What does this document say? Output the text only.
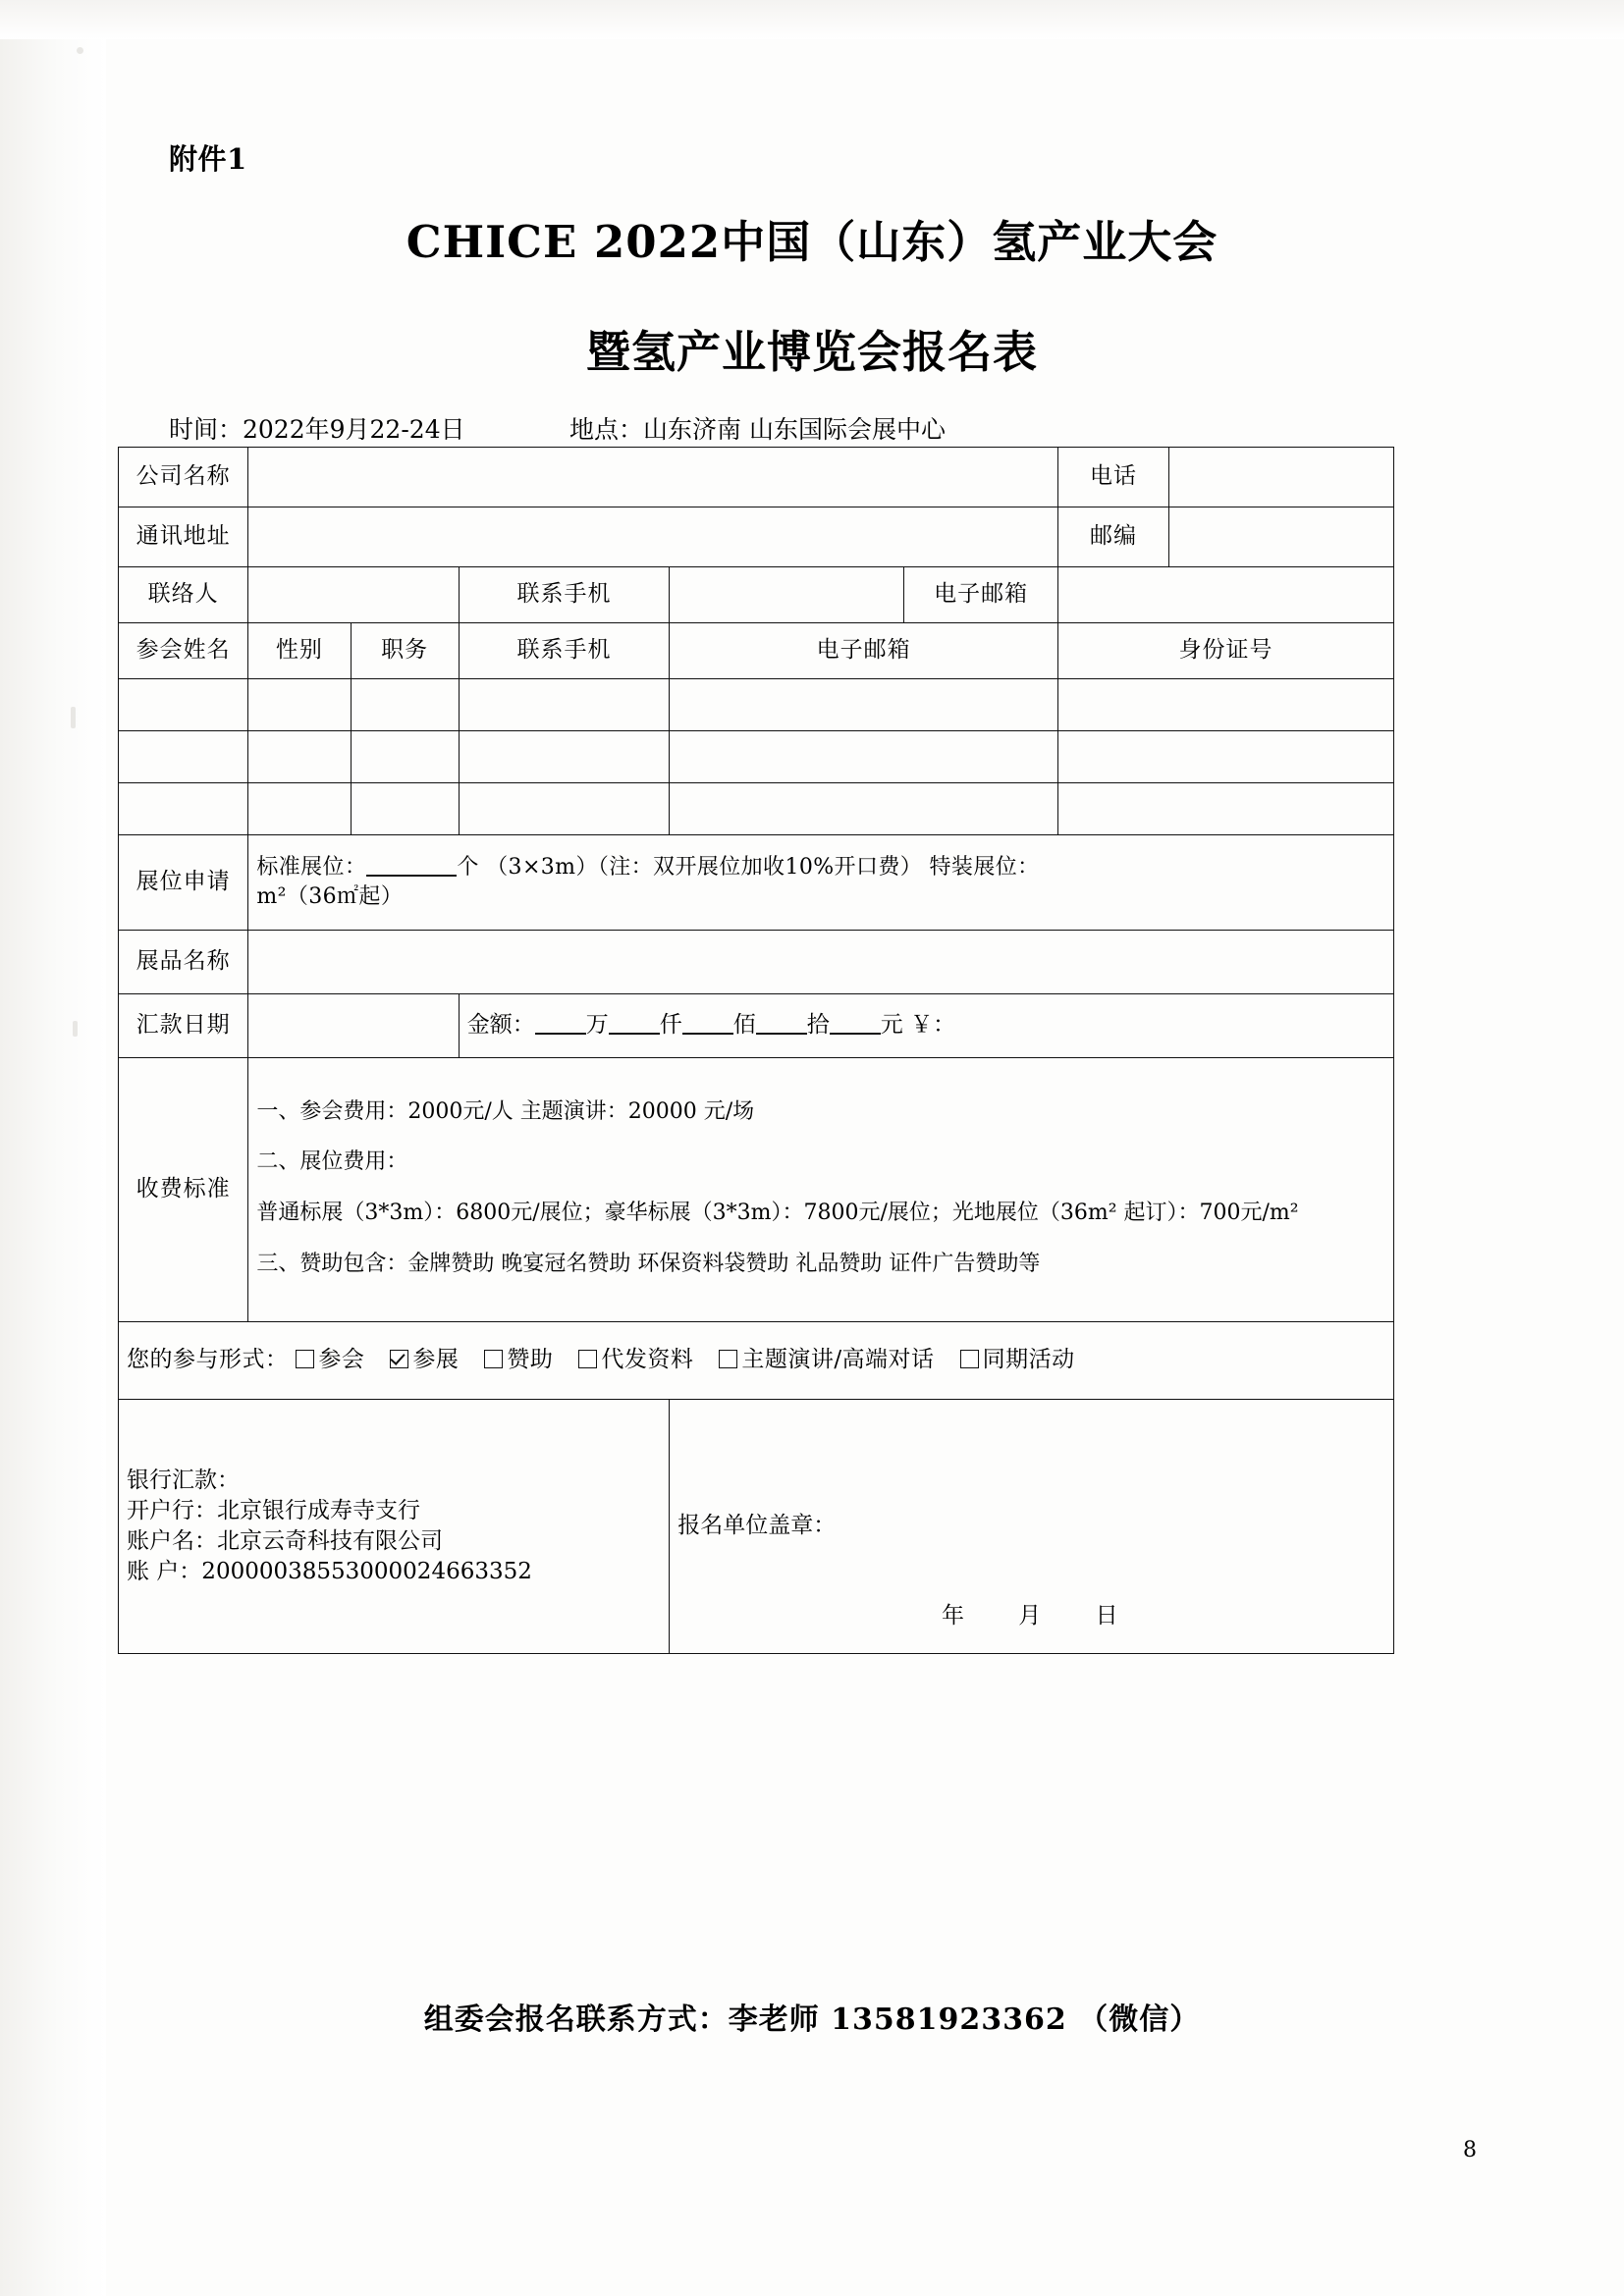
附件1
CHICE 2022中国（山东）氢产业大会
暨氢产业博览会报名表
时间：2022年9月22-24日	地点：山东济南 山东国际会展中心
公司名称						电话	
通讯地址						邮编	
联络人			联系手机		电子邮箱		
参会姓名	性别	职务	联系手机	电子邮箱		身份证号	

展位申请	标准展位： 个 （3×3m）（注：双开展位加收10%开口费） 特装展位：
m²（36㎡起）						
展品名称							
汇款日期			金额： 万 仟 佰 拾 元 ￥：				
收费标准	一、参会费用：2000元/人 主题演讲：20000 元/场

二、展位费用：

普通标展（3*3m）：6800元/展位；豪华标展（3*3m）：7800元/展位；光地展位（36m² 起订）：700元/m²

三、赞助包含：金牌赞助 晚宴冠名赞助 环保资料袋赞助 礼品赞助 证件广告赞助等						

您的参与形式： 参会 参展 赞助 代发资料 主题演讲/高端对话 同期活动							

银行汇款：
开户行：北京银行成寿寺支行
账户名：北京云奇科技有限公司
账 户：20000038553000024663352

报名单位盖章：
年 月 日
组委会报名联系方式：李老师 13581923362 （微信）
8
